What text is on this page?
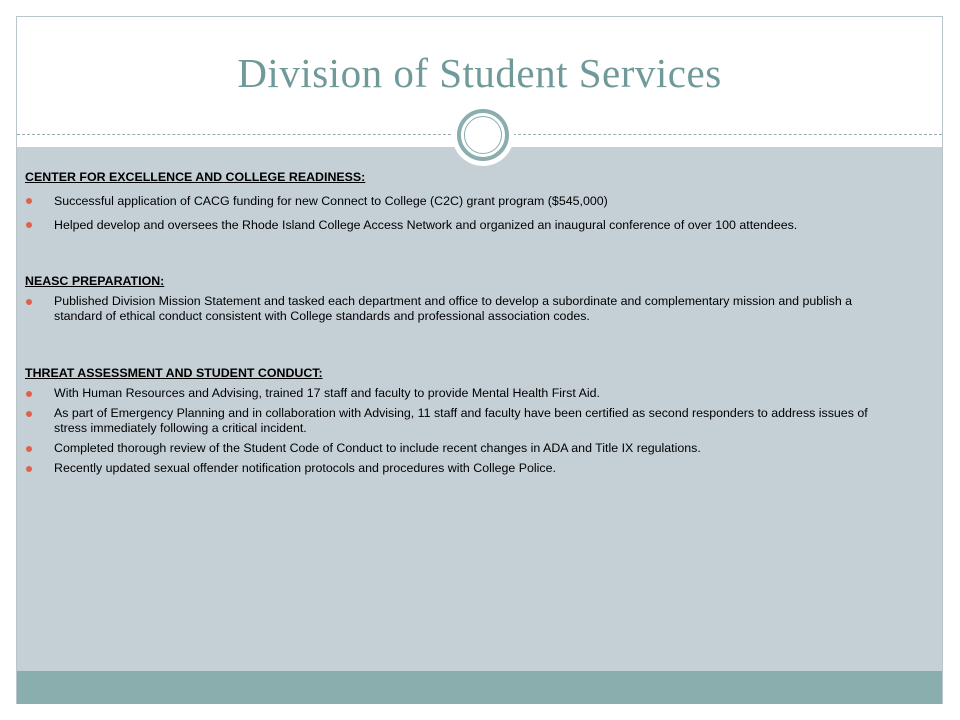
Division of Student Services
CENTER FOR EXCELLENCE AND COLLEGE READINESS:
Successful application of CACG funding for new Connect to College (C2C) grant program ($545,000)
Helped develop and oversees the Rhode Island College Access Network and organized an inaugural conference of over 100 attendees.
NEASC PREPARATION:
Published Division Mission Statement and tasked each department and office to develop a subordinate and complementary mission and publish a standard of ethical conduct consistent with College standards and professional association codes.
THREAT ASSESSMENT AND STUDENT CONDUCT:
With Human Resources and Advising, trained 17 staff and faculty to provide Mental Health First Aid.
As part of Emergency Planning and in collaboration with Advising, 11 staff and faculty have been certified as second responders to address issues of stress immediately following a critical incident.
Completed thorough review of the Student Code of Conduct to include recent changes in ADA and Title IX regulations.
Recently updated sexual offender notification protocols and procedures with College Police.
